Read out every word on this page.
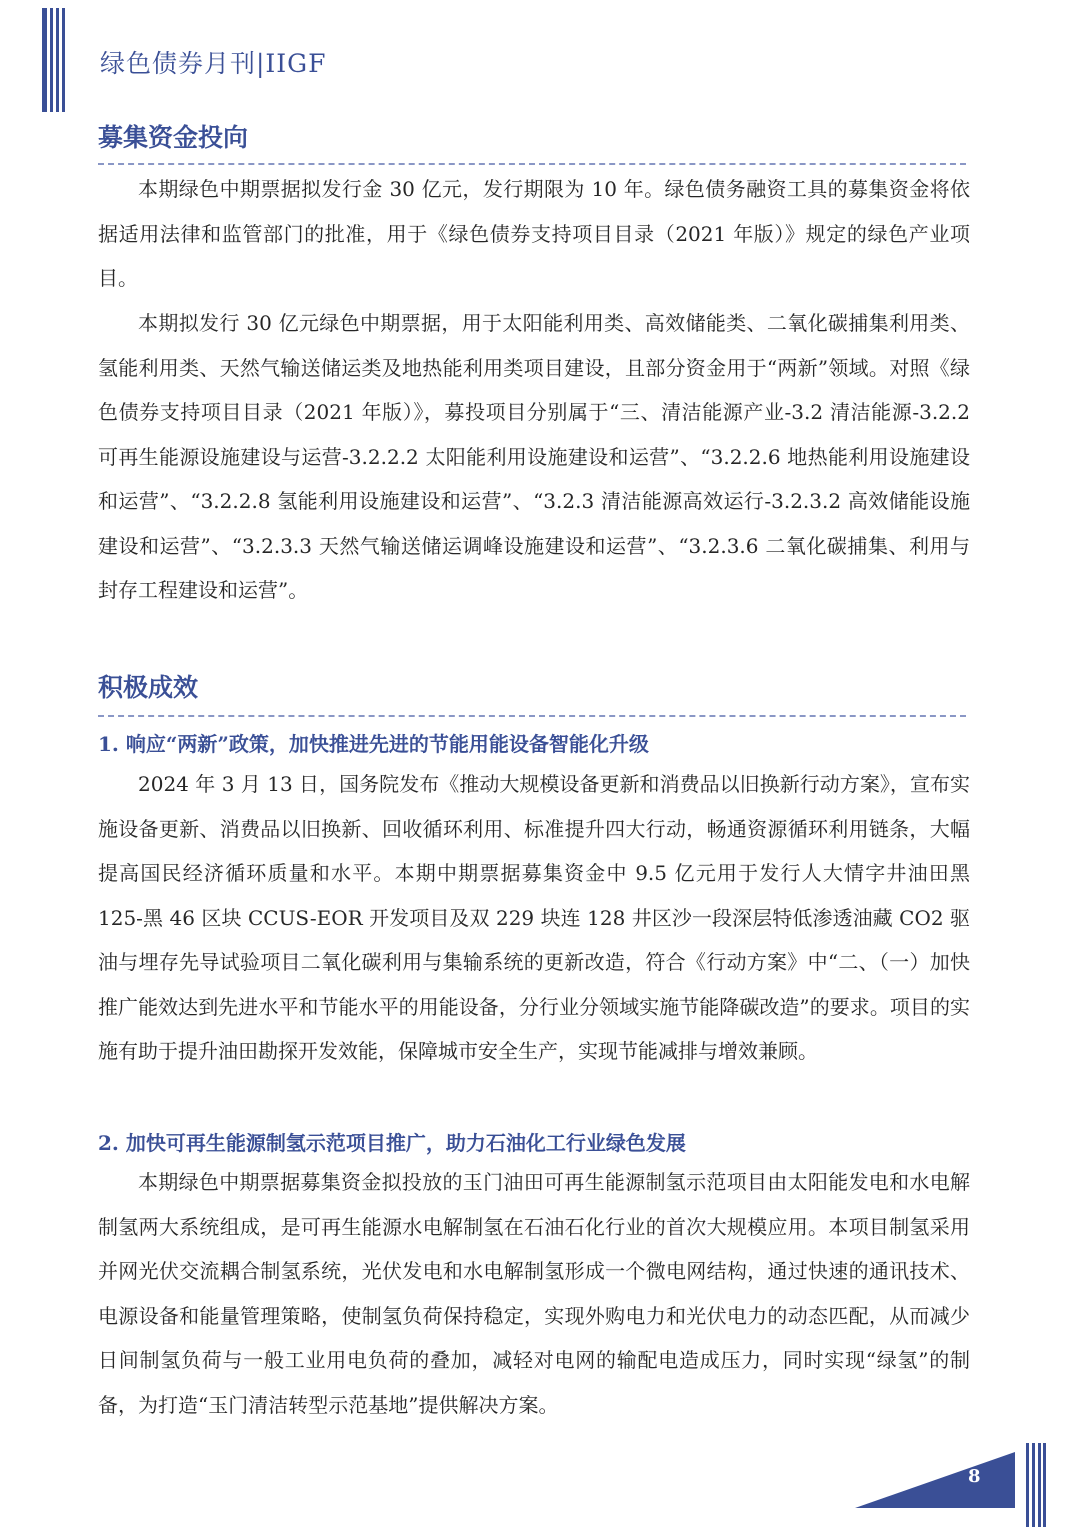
绿色债券月刊|IIGF
募集资金投向

本期绿色中期票据拟发行金 30 亿元，发行期限为 10 年。绿色债务融资工具的募集资金将依据适用法律和监管部门的批准，用于《绿色债券支持项目目录（2021 年版）》规定的绿色产业项目。

本期拟发行 30 亿元绿色中期票据，用于太阳能利用类、高效储能类、二氧化碳捕集利用类、氢能利用类、天然气输送储运类及地热能利用类项目建设，且部分资金用于“两新”领域。对照《绿色债券支持项目目录（2021 年版）》，募投项目分别属于“三、清洁能源产业-3.2 清洁能源-3.2.2 可再生能源设施建设与运营-3.2.2.2 太阳能利用设施建设和运营”、“3.2.2.6 地热能利用设施建设和运营”、“3.2.2.8 氢能利用设施建设和运营”、“3.2.3 清洁能源高效运行-3.2.3.2 高效储能设施建设和运营”、“3.2.3.3 天然气输送储运调峰设施建设和运营”、“3.2.3.6 二氧化碳捕集、利用与封存工程建设和运营”。

积极成效
1. 响应“两新”政策，加快推进先进的节能用能设备智能化升级

2024 年 3 月 13 日，国务院发布《推动大规模设备更新和消费品以旧换新行动方案》，宣布实施设备更新、消费品以旧换新、回收循环利用、标准提升四大行动，畅通资源循环利用链条，大幅提高国民经济循环质量和水平。本期中期票据募集资金中 9.5 亿元用于发行人大情字井油田黑 125-黑 46 区块 CCUS-EOR 开发项目及双 229 块连 128 井区沙一段深层特低渗透油藏 CO2 驱油与埋存先导试验项目二氧化碳利用与集输系统的更新改造，符合《行动方案》中“二、（一）加快推广能效达到先进水平和节能水平的用能设备，分行业分领域实施节能降碳改造”的要求。项目的实施有助于提升油田勘探开发效能，保障城市安全生产，实现节能减排与增效兼顾。

2. 加快可再生能源制氢示范项目推广，助力石油化工行业绿色发展

本期绿色中期票据募集资金拟投放的玉门油田可再生能源制氢示范项目由太阳能发电和水电解制氢两大系统组成，是可再生能源水电解制氢在石油石化行业的首次大规模应用。本项目制氢采用并网光伏交流耦合制氢系统，光伏发电和水电解制氢形成一个微电网结构，通过快速的通讯技术、电源设备和能量管理策略，使制氢负荷保持稳定，实现外购电力和光伏电力的动态匹配，从而减少日间制氢负荷与一般工业用电负荷的叠加，减轻对电网的输配电造成压力，同时实现“绿氢”的制备，为打造“玉门清洁转型示范基地”提供解决方案。

8
